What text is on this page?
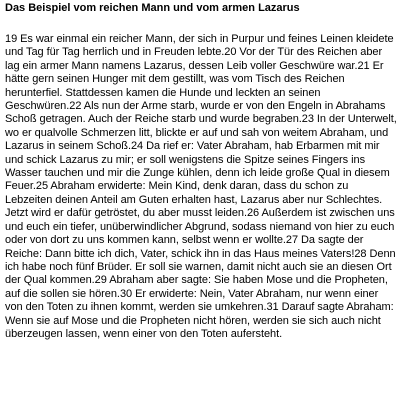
Das Beispiel vom reichen Mann und vom armen Lazarus

19 Es war einmal ein reicher Mann, der sich in Purpur und feines Leinen kleidete und Tag für Tag herrlich und in Freuden lebte.20 Vor der Tür des Reichen aber lag ein armer Mann namens Lazarus, dessen Leib voller Geschwüre war.21 Er hätte gern seinen Hunger mit dem gestillt, was vom Tisch des Reichen herunterfiel. Stattdessen kamen die Hunde und leckten an seinen Geschwüren.22 Als nun der Arme starb, wurde er von den Engeln in Abrahams Schoß getragen. Auch der Reiche starb und wurde begraben.23 In der Unterwelt, wo er qualvolle Schmerzen litt, blickte er auf und sah von weitem Abraham, und Lazarus in seinem Schoß.24 Da rief er: Vater Abraham, hab Erbarmen mit mir und schick Lazarus zu mir; er soll wenigstens die Spitze seines Fingers ins Wasser tauchen und mir die Zunge kühlen, denn ich leide große Qual in diesem Feuer.25 Abraham erwiderte: Mein Kind, denk daran, dass du schon zu Lebzeiten deinen Anteil am Guten erhalten hast, Lazarus aber nur Schlechtes. Jetzt wird er dafür getröstet, du aber musst leiden.26 Außerdem ist zwischen uns und euch ein tiefer, unüberwindlicher Abgrund, sodass niemand von hier zu euch oder von dort zu uns kommen kann, selbst wenn er wollte.27 Da sagte der Reiche: Dann bitte ich dich, Vater, schick ihn in das Haus meines Vaters!28 Denn ich habe noch fünf Brüder. Er soll sie warnen, damit nicht auch sie an diesen Ort der Qual kommen.29 Abraham aber sagte: Sie haben Mose und die Propheten, auf die sollen sie hören.30 Er erwiderte: Nein, Vater Abraham, nur wenn einer von den Toten zu ihnen kommt, werden sie umkehren.31 Darauf sagte Abraham: Wenn sie auf Mose und die Propheten nicht hören, werden sie sich auch nicht überzeugen lassen, wenn einer von den Toten aufersteht.
